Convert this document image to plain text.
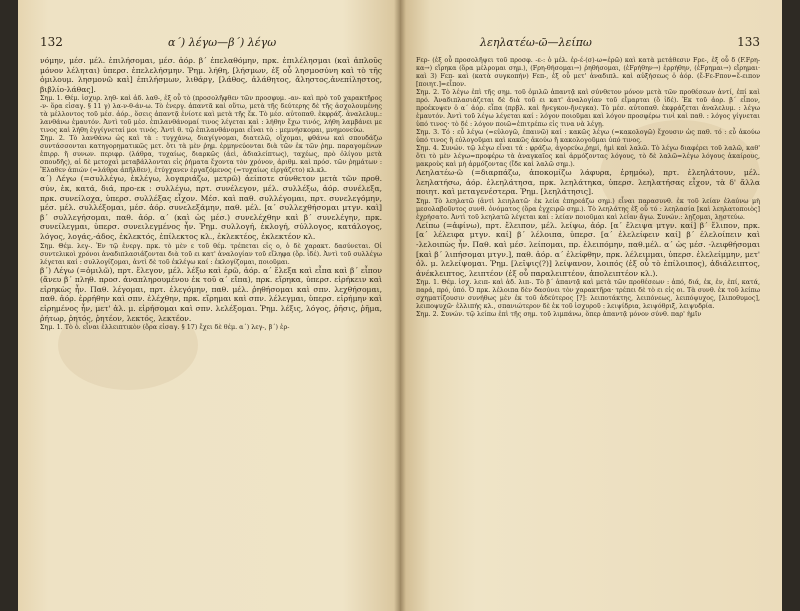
132	α΄) λέγω—β΄) λέγω

νόμην, μέσ. μέλ. ἐπιλήσομαι, μέσ. ἀόρ. β΄ ἐπελαθόμην, πρκ. ἐπιλέλησμαι (καὶ ἀπλοῦς μόνον λέληται) ὑπερσ. ἐπελελήσμην. Ῥημ. λήθη, [λήσμων, ἐξ οὗ λησμοσύνη καὶ τὸ τῆς ὁμιλουμ. λησμονῶ καὶ] ἐπιλήσμων, λιθάργ, [λάθος, ἀλάθητος, ἄληστος,ἀνεπίληστος, βιβλίο-λάθας].

Σημ. 1. Θέμ. ἰσχυρ. ληθ- καὶ ἀδ. λαθ-, ἐξ οὗ τὸ (προσολῆφθεν τῶν προσφυμ. -αν- καὶ πρὸ τοῦ χαρακτῆρος -ν- ὅρα εἰσαγ. § 11 γ) λα-ν-θ-άν-ω. Τὸ ἐνεργ. ἀπαντᾶ καὶ οὕτω, μετὰ τῆς δεύτερης δὲ τῆς ἀσχολουμένης τὰ μέλλοντος τοῦ μέσ. ἀόρ., ὅσεις ἀπαντᾷ ἐνίοτε καὶ μετὰ τῆς ἔκ. Τὸ μέσ. αὐτοπαθ. ἐκφράζ. ἀναλελυμ.: λανθάνω ἐμαυτόν. Ἀντὶ τοῦ μέσ. ἐπιλανθάνομαί τινος λέγεται καὶ : λήθην ἔχω τινός, λήθη λαμβάνει με τινος καὶ λήθη ἐγγίγνεταί μοι τινός. Ἀντὶ θ. τῷ ἐπιλανθάνομαι εἶναι τὸ : μεμνήσκομαι, μνημονεύω.

Σημ. 2. Τὸ λανθάνω ὡς καὶ τὰ : τυγχάνω, διαγίγνομαι, διατελῶ, οἴχομαι, φθάνω καὶ σπουδάζω συντάσσονται κατηγορηματικῶς μετ. ὅτι τὰ μὲν ῥημ. ἑρμηνεύονται διὰ τῶν ἐκ τῶν ῥημ. παραγομένων ἐπιρρ. ἢ συνων. περιφρ. (λάθρα, τυχαίως, διαρκῶς (ἀεὶ, ἀδιαλείπτως), ταχέως, πρὸ ὀλίγου μετὰ σπουδῆς), αἱ δὲ μετοχαὶ μεταβάλλονται εἰς ῥήματα ἔχοντα τὸν χρόνον, ἀριθμ. καὶ πρόσ. τῶν ῥημάτων : Ἔλαθεν ἀπιών (=λάθρα ἀπῆλθεν), ἐτύγχανεν ἐργαζόμενος (=τυχαίως εἰργάζετο) κλ.κλ.

α΄) Λέγω (=συλλέγω, ἐκλέγω, λογαριάζω, μετρῶ) ἀείποτε σύνθετον μετὰ τῶν προθ. σύν, ἐκ, κατά, διά, προ-εκ : συλλέγω, πρτ. συνέλεγον, μέλ. συλλέξω, ἀόρ. συνέλεξα, πρκ. συνείλοχα, ὑπερσ. συλλέξας εἶχον. Μέσ. καὶ παθ. συλλέγομαι, πρτ. συνελεγόμην, μέσ. μέλ. συλλέξομαι, μέσ. ἀόρ. συνελεξάμην, παθ. μέλ. [α΄ συλλεχθήσομαι μτγν. καὶ] β΄ συλλεγήσομαι, παθ. ἀόρ. α΄ (καὶ ὡς μέσ.) συνελέχθην καὶ β΄ συνελέγην, πρκ. συνείλεγμαι, ὑπερσ. συνειλεγμένος ἦν. Ῥημ. συλλογή, ἐκλογή, σύλλογος, κατάλογος, λόγος, λογάς,-άδος, ἐκλεκτός, ἐπίλεκτος κλ., ἐκλεκτέος, ἐκλεκτέον κλ.

Σημ. Θέμ. λεγ-. Ἐν τῷ ἐνεργ. πρκ. τὸ μὲν ε τοῦ θέμ. τρέπεται εἰς ο, ὁ δὲ χαρακτ. δασύνεται. Οἱ συντελικοὶ χρόνοι ἀναδιπλασιάζονται διὰ τοῦ ει κατ' ἀναλογίαν τοῦ εἴληφα (ὅρ. ἰδέ). Ἀντὶ τοῦ συλλέγω λέγεται καί : συλλογίζομαι, ἀντὶ δὲ τοῦ ἐκλέγω καί : ἐκλογίζομαι, ποιοῦμαι.

β΄) Λέγω (=ὁμιλῶ), πρτ. ἔλεγον, μέλ. λέξω καὶ ἐρῶ, ἀόρ. α΄ ἔλεξα καὶ εἶπα καὶ β΄ εἶπον (ἄνευ β΄ πληθ. προσ. ἀναπληρουμένου ἐκ τοῦ α΄ εἴπα), πρκ. εἴρηκα, ὑπερσ. εἰρήκειν καὶ εἰρηκὼς ἦν. Παθ. λέγομαι, πρτ. ἐλεγόμην, παθ. μέλ. ῥηθήσομαι καὶ σπν. λεχθήσομαι, παθ. ἀόρ. ἐρρήθην καὶ σπν. ἐλέχθην, πρκ. εἴρημαι καὶ σπν. λέλεγμαι, ὑπερσ. εἰρήμην καὶ εἰρημένος ἦν, μετ' ἀλ. μ. εἰρήσομαι καὶ σπν. λελέξομαι. Ῥημ. λέξις, λόγος, ῥῆσις, ῥῆμα, ῥήτωρ, ῥητός, ῥητέον, λεκτός, λεκτέον.

Σημ. 1. Τὸ ὁ. εἶναι ἐλλειπτικὸν (ὅρα εἰσαγ. § 17) ἔχει δὲ θέμ. α΄) λεγ-, β΄) ἐρ-

λεηλατέω-ῶ—λείπω	133

Fερ- (ἐξ οὗ προσολῆψει τοῦ προσφ. -ε-: ὁ μέλ. ἐρ-έ-(σ)-ω=ἐρῶ) καὶ κατὰ μετάθεσιν Fρε-, ἐξ οὗ δ (F.Fρη-κα→) εἴρηκα (ὅρα μέλρομαι σημ.), (Fρη-θήσομαι→) ῥηθήσομαι, (ἐFρήθην→) ἐρρήθην, (ἐFρημαι→) εἴρημαι· καὶ 3) Fεπ- καὶ (κατὰ συγκοπήν) Fεπ-, ἐξ οὗ μετ' ἀναδιπλ. καὶ αὐξήσεως ὁ ἀόρ. (ἔ-Fε-Fπον=ἔ-ειπον [ποιητ.]=εἶπον.

Σημ. 2. Τὸ λέγω ἐπὶ τῆς σημ. τοῦ ὁμιλῶ ἀπαντᾷ καὶ σύνθετον μόνον μετὰ τῶν προθέσεων ἀντί, ἐπί καὶ πρό. Ἀναδιπλασιάζεται δὲ διὰ τοῦ ει κατ' ἀναλογίαν τοῦ εἴμαρται (ὅ ἰδέ). Ἐκ τοῦ ἀορ. β΄ εἶπον, προέκυψεν ὁ α΄ ἀόρ. εἶπα (πρβλ. καὶ ἤνεγκον-ἤνεγκα). Τὸ μέσ. αὐτοπαθ. ἐκφράζεται ἀναλελυμ. : λέγω ἐμαυτόν. Ἀντὶ τοῦ λέγω λέγεται καί : λόγον ποιοῦμαι καὶ λόγον προσφέρω τινὶ καὶ παθ. : λόγος γίγνεται ὑπό τινος· τὸ δέ : λόγον ποιῶ=ἐπιτρέπω εἰς τινα νὰ λέγῃ.

Σημ. 3. Τό : εὖ λέγω (=εὐλογῶ, ἐπαινῶ) καί : κακῶς λέγω (=κακολογῶ) ἔχουσιν ὡς παθ. τό : εὖ ἀκούω ὑπό τινος ἢ εὐλογοῦμαι καὶ κακῶς ἀκούω ἢ κακολογοῦμαι ὑπό τινος.

Σημ. 4. Συνών. τῷ λέγω εἶναι τά : φράζω, ἀγορεύω,ῥημί, ἡμὶ καὶ λαλῶ. Τὸ λέγω διαφέρει τοῦ λαλῶ, καθ' ὅτι τὸ μὲν λέγω=προφέρω τὰ ἀναγκαῖος καὶ ἁρμόζοντας λόγους, τὸ δὲ λαλῶ=λέγω λόγους ἀκαίρους, μακροὺς καὶ μὴ ἁρμόζοντας (ἴδε καὶ λαλῶ σημ.).

Λεηλατέω-ῶ (=διαρπάζω, ἀποκομίζω λάφυρα, ἐρημόω), πρτ. ἐλεηλάτουν, μέλ. λεηλατήσω, ἀόρ. ἐλεηλάτησα, πρκ. λεηλάτηκα, ὑπερσ. λεηλατήσας εἶχον, τὰ δ' ἄλλα ποιητ. καὶ μεταγενέστερα. Ῥημ. [λεηλάτησις].

Σημ. Τὸ λεηλατῶ (ἀντὶ λειηλατῶ· ἐκ λεία ἐπηρεάζω σημ.) εἶναι παρασυνθ. ἐκ τοῦ λείαν ἐλαύνω μὴ μεσολαβοῦντος συνθ. ὀνόματος (ὅρα ἐγχειρῶ σημ.). Τὸ λεηλάτης ἐξ οὗ τό : λεηλασία [καὶ λεηλατοποιὸς] ἐχρήσατο. Ἀντὶ τοῦ λεηλατῶ λέγεται καί : λείαν ποιοῦμαι καὶ λείαν ἄγω. Συνών.: λῃζομαι, λῃστεύω.

Λείπω (=ἀφίνω), πρτ. ἔλειπον, μέλ. λείψω, ἀόρ. [α΄ ἔλειψα μτγν. καί] β΄ ἔλιπον, πρκ. [α΄ λέλειφα μτγν. καί] β΄ λέλοιπα, ὑπερσ. [α΄ ἐλελείφειν καί] β΄ ἐλελοίπειν καὶ -λελοιπὼς ἦν. Παθ. καὶ μέσ. λείπομαι, πρ. ἐλειπόμην, παθ.μέλ. α΄ ὡς μέσ. -λειφθήσομαι [καὶ β΄ λιπήσομαι μτγν.], παθ. ἀόρ. α΄ ἐλείφθην, πρκ. λέλειμμαι, ὑπερσ. ἐλελείμμην, μετ' ὀλ. μ. λελείψομαι. Ῥημ. [λεῖψις(?)] λείψανον, λοιπός (ἐξ οὗ τὸ ἐπίλοιπος), ἀδιάλειπτος, ἀνέκλειπτος, λειπτέον (ἐξ οὗ παραλειπτέον, ἀπολειπτέον κλ.).

Σημ. 1. Θέμ. ἰσχ. λειπ- καὶ ἀδ. λιπ-. Τὸ β΄ ἀπαντᾷ καὶ μετὰ τῶν προθέσεων : ἀπό, διά, ἐκ, ἐν, ἐπί, κατά, παρά, πρό, ὑπό. Ὁ πρκ. λέλοιπα δὲν δασύνει τὸν χαρακτῆρα· τρέπει δὲ τὸ ει εἰς οι. Τὰ συνθ. ἐκ τοῦ λείπω σχηματίζουσιν συνήθως μὲν ἐκ τοῦ ἀδεύτερος [?]: λειποτάκτης, λειπόνεως, λειπόψυχος, [λιποθυμος], λειποψυχῶ· ἐλλιπής κλ., σπανιώτερον δὲ ἐκ τοῦ ἰσχυροῦ : λειψίδρια, λειψόθριξ, λειψυδρία.

Σημ. 2. Συνών. τῷ λείπω ἐπὶ τῆς σημ. τοῦ λιμπάνω, ὅπερ ἀπαντᾷ μόνον σύνθ. παρ' ἡμῖν
